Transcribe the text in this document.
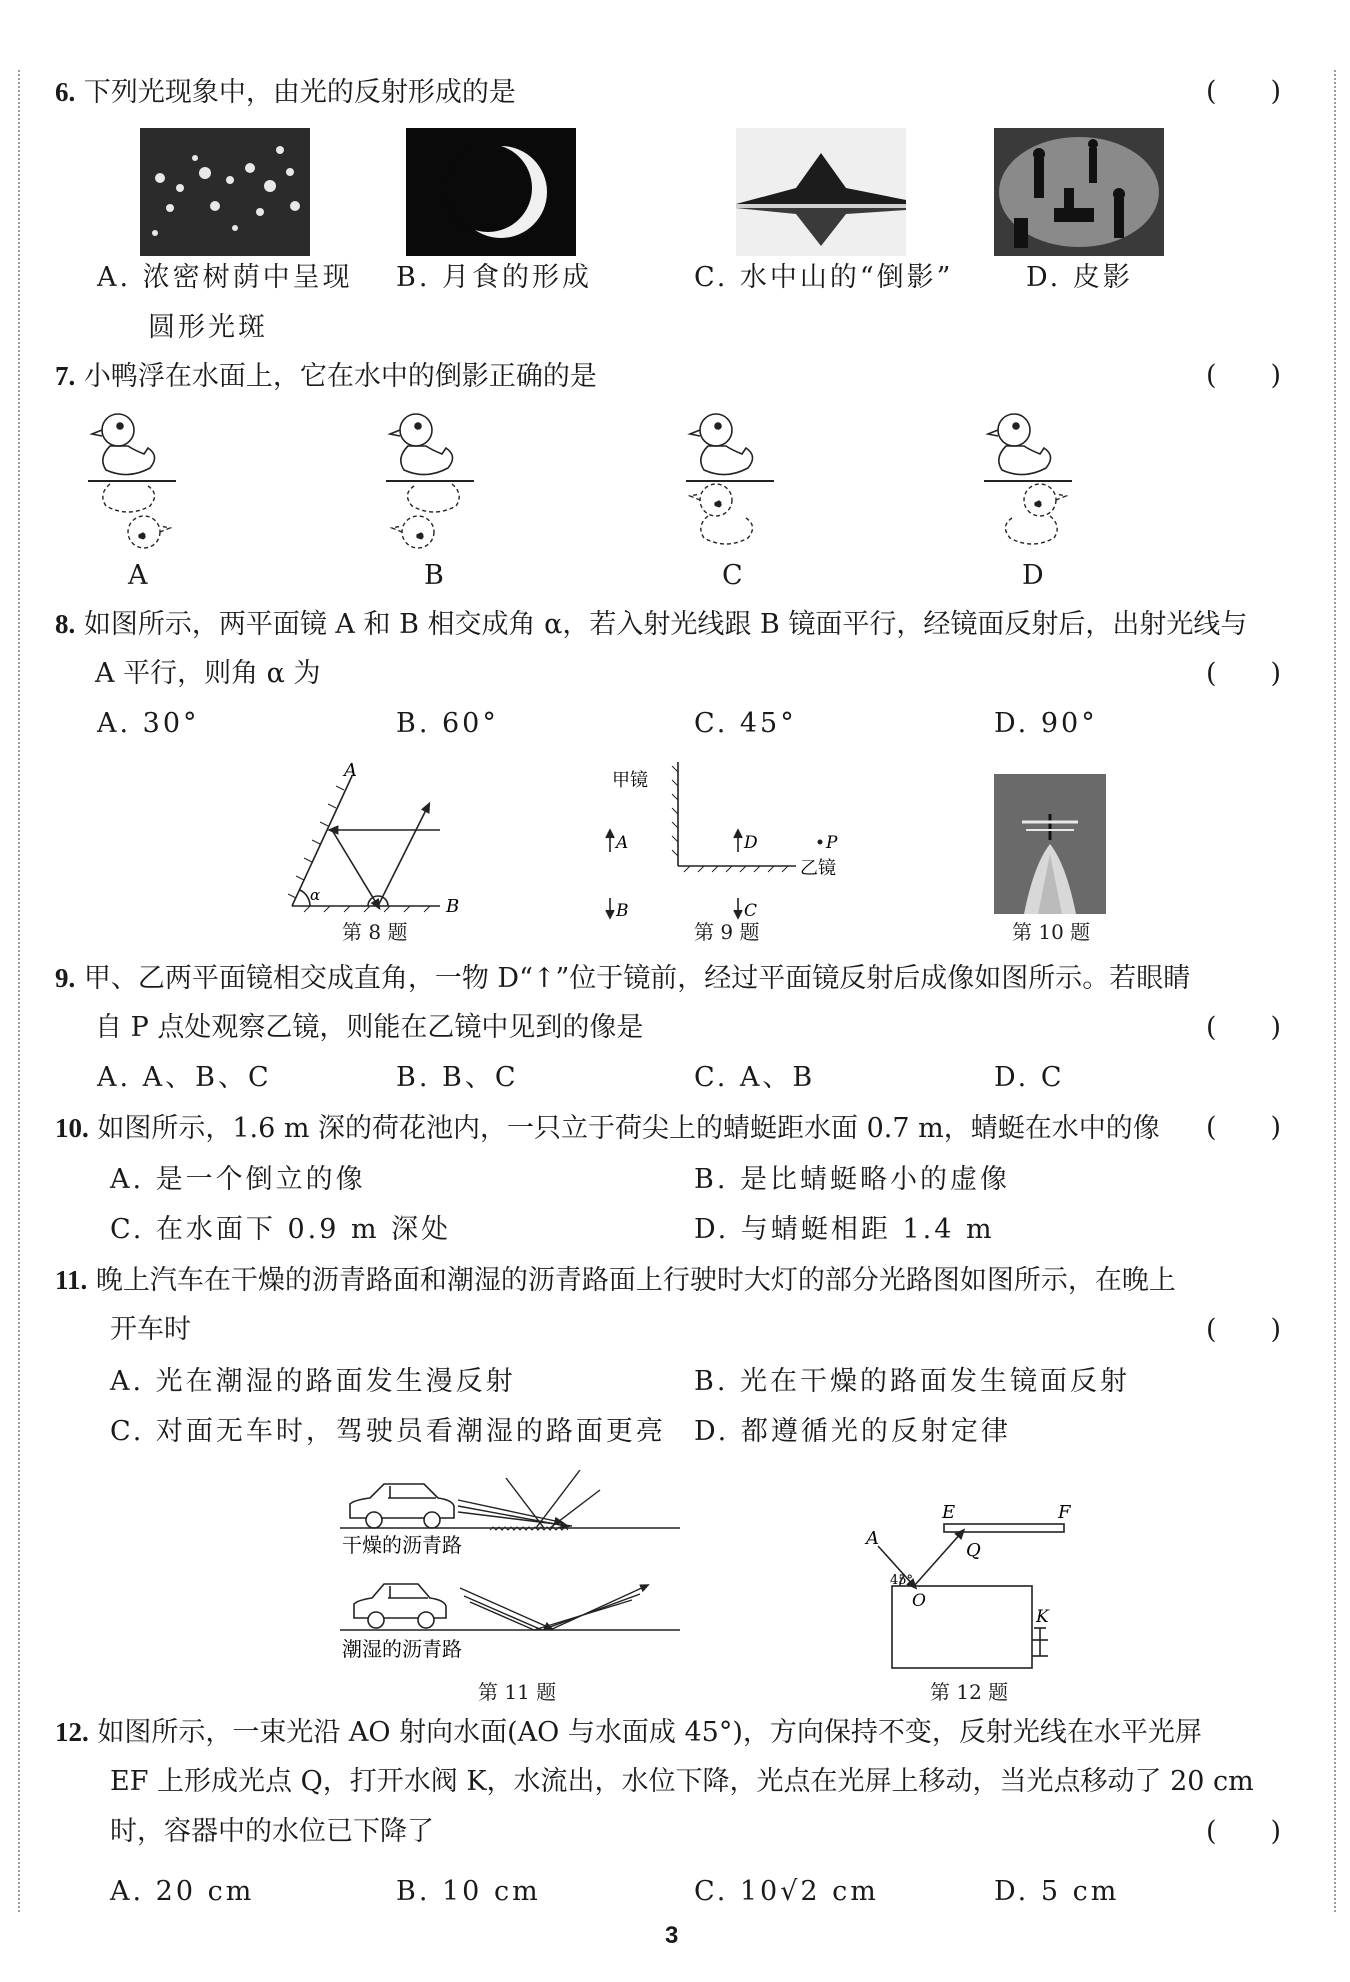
6. 下列光现象中，由光的反射形成的是	(　　)
A. 浓密树荫中呈现
圆形光斑
B. 月食的形成	C. 水中山的“倒影”	D. 皮影
7. 小鸭浮在水面上，它在水中的倒影正确的是	(　　)
A	B	C	D
8. 如图所示，两平面镜 A 和 B 相交成角 α，若入射光线跟 B 镜面平行，经镜面反射后，出射光线与
A 平行，则角 α 为	(　　)
A. 30°	B. 60°	C. 45°	D. 90°
A
B
α
第 8 题
甲镜
乙镜
A	D	P
B	C
第 9 题	第 10 题
9. 甲、乙两平面镜相交成直角，一物 D“↑”位于镜前，经过平面镜反射后成像如图所示。若眼睛
自 P 点处观察乙镜，则能在乙镜中见到的像是	(　　)
A. A、B、C	B. B、C	C. A、B	D. C
10. 如图所示，1.6 m 深的荷花池内，一只立于荷尖上的蜻蜓距水面 0.7 m，蜻蜓在水中的像 (　　)
A. 是一个倒立的像	B. 是比蜻蜓略小的虚像
C. 在水面下 0.9 m 深处	D. 与蜻蜓相距 1.4 m
11. 晚上汽车在干燥的沥青路面和潮湿的沥青路面上行驶时大灯的部分光路图如图所示，在晚上
开车时	(　　)
A. 光在潮湿的路面发生漫反射	B. 光在干燥的路面发生镜面反射
C. 对面无车时，驾驶员看潮湿的路面更亮 D. 都遵循光的反射定律
干燥的沥青路
潮湿的沥青路
第 11 题
E	F
A
Q
O
K
45°
第 12 题
12. 如图所示，一束光沿 AO 射向水面(AO 与水面成 45°)，方向保持不变，反射光线在水平光屏
EF 上形成光点 Q，打开水阀 K，水流出，水位下降，光点在光屏上移动，当光点移动了 20 cm
时，容器中的水位已下降了	(　　)
A. 20 cm	B. 10 cm	C. 10√2 cm	D. 5 cm
3
